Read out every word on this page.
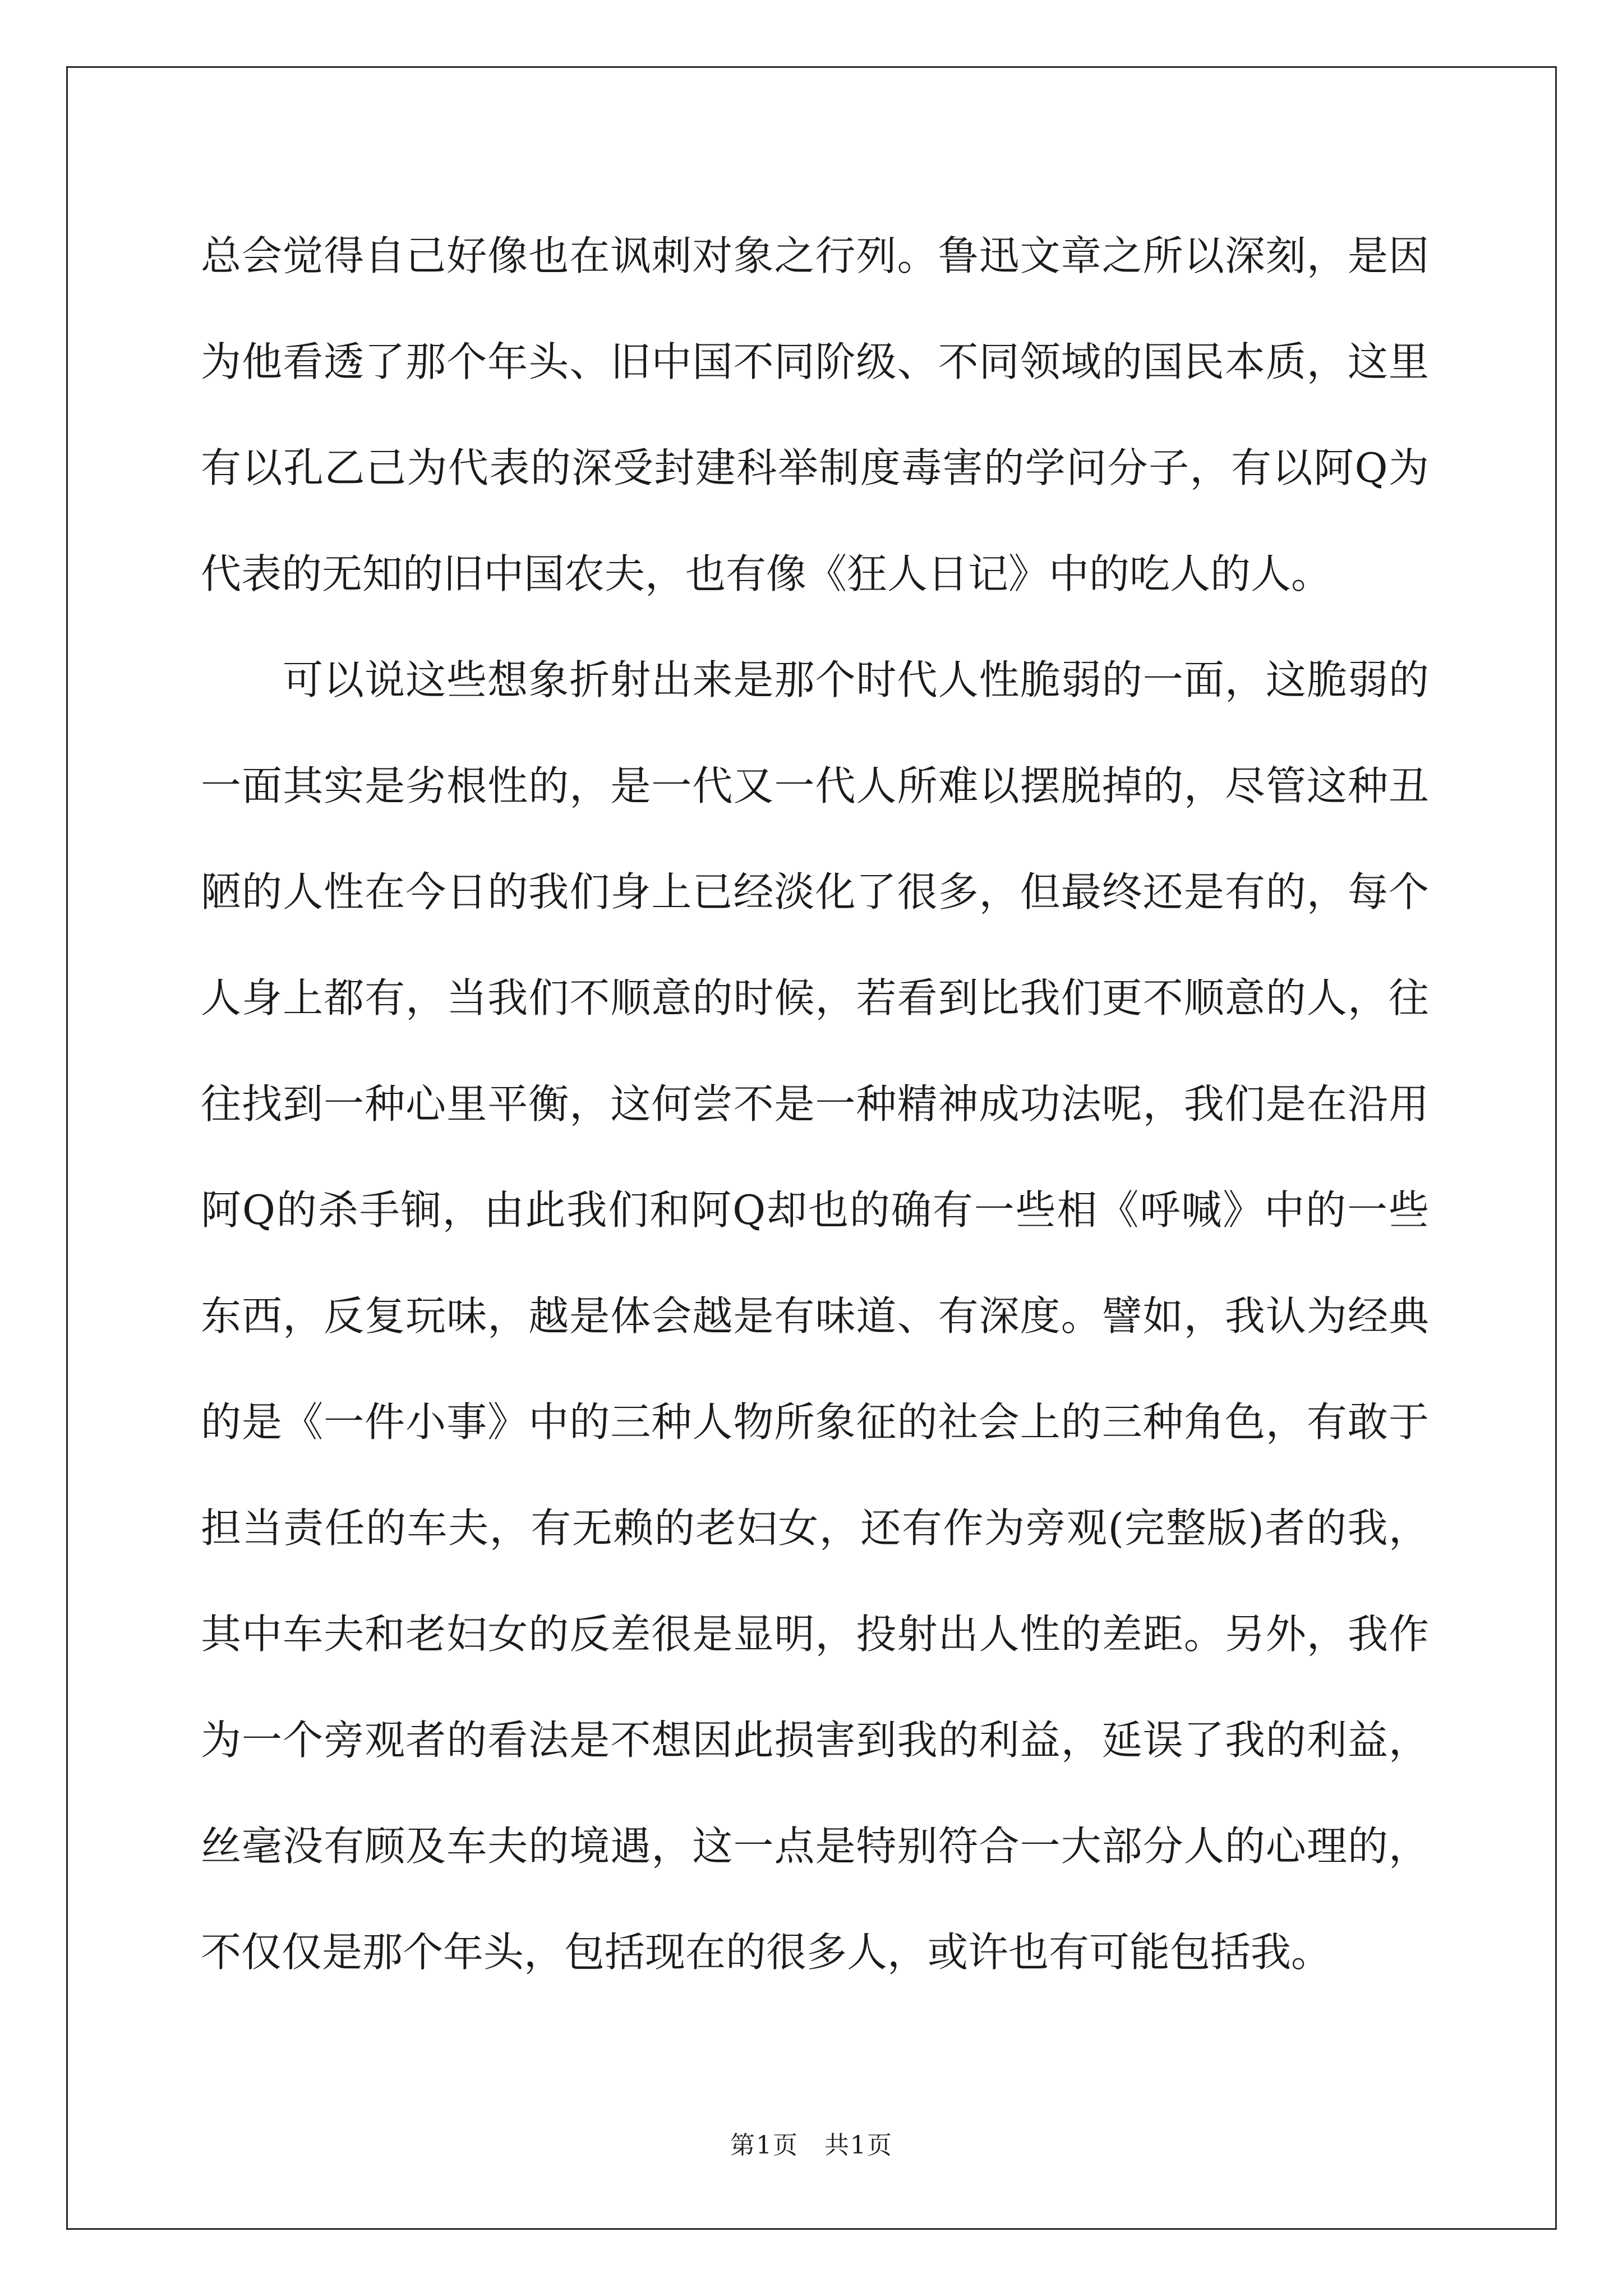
总会觉得自己好像也在讽刺对象之行列。鲁迅文章之所以深刻，是因
为他看透了那个年头、旧中国不同阶级、不同领域的国民本质，这里
有以孔乙己为代表的深受封建科举制度毒害的学问分子，有以阿Q为
代表的无知的旧中国农夫，也有像《狂人日记》中的吃人的人。
可以说这些想象折射出来是那个时代人性脆弱的一面，这脆弱的
一面其实是劣根性的，是一代又一代人所难以摆脱掉的，尽管这种丑
陋的人性在今日的我们身上已经淡化了很多，但最终还是有的，每个
人身上都有，当我们不顺意的时候，若看到比我们更不顺意的人，往
往找到一种心里平衡，这何尝不是一种精神成功法呢，我们是在沿用
阿Q的杀手锏，由此我们和阿Q却也的确有一些相《呼喊》中的一些
东西，反复玩味，越是体会越是有味道、有深度。譬如，我认为经典
的是《一件小事》中的三种人物所象征的社会上的三种角色，有敢于
担当责任的车夫，有无赖的老妇女，还有作为旁观(完整版)者的我，
其中车夫和老妇女的反差很是显明，投射出人性的差距。另外，我作
为一个旁观者的看法是不想因此损害到我的利益，延误了我的利益，
丝毫没有顾及车夫的境遇，这一点是特别符合一大部分人的心理的，
不仅仅是那个年头，包括现在的很多人，或许也有可能包括我。
第1页　共1页
